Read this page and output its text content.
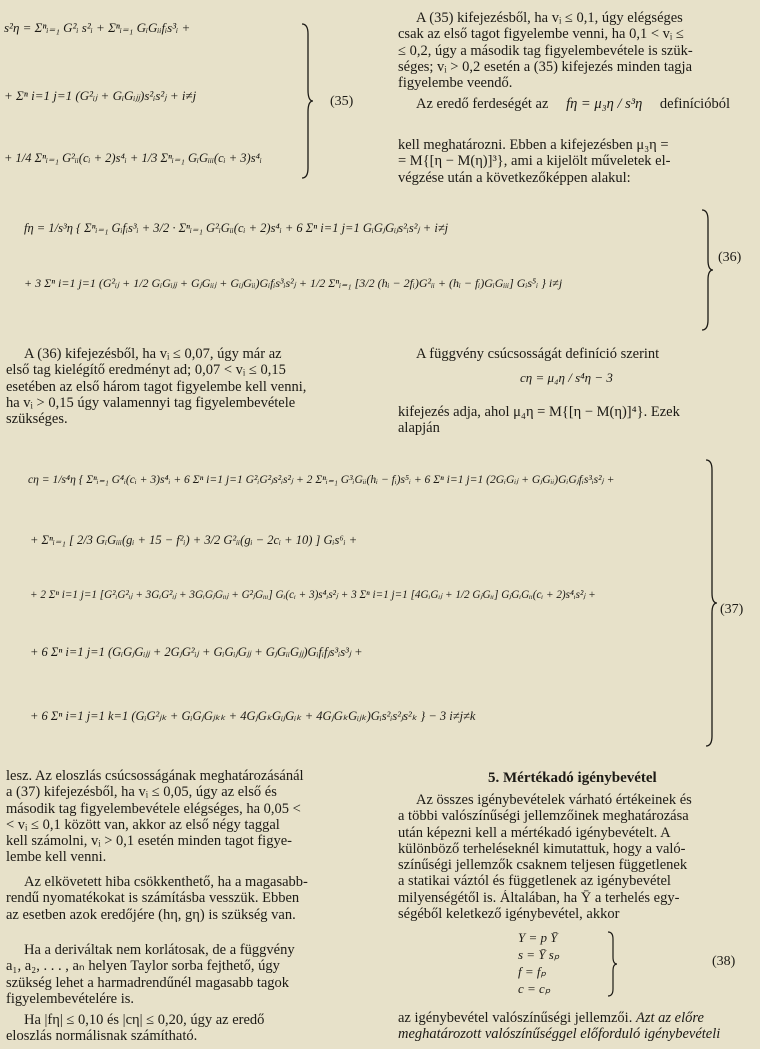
s²η = Σⁿᵢ₌₁ G²ᵢ s²ᵢ + Σⁿᵢ₌₁ GᵢGᵢᵢfᵢs³ᵢ +
+ Σⁿ i=1 j=1 (G²ᵢⱼ + GᵢGᵢⱼⱼ)s²ᵢs²ⱼ + i≠j
+ 1/4 Σⁿᵢ₌₁ G²ᵢᵢ(cᵢ + 2)s⁴ᵢ + 1/3 Σⁿᵢ₌₁ GᵢGᵢᵢᵢ(cᵢ + 3)s⁴ᵢ
(35)
A (35) kifejezésből, ha vᵢ ≤ 0,1, úgy elégséges
csak az első tagot figyelembe venni, ha 0,1 < vᵢ ≤
≤ 0,2, úgy a második tag figyelembevétele is szük-
séges; vᵢ > 0,2 esetén a (35) kifejezés minden tagja
figyelembe veendő.
Az eredő ferdeségét az fη = μ₃η / s³η definícióból
kell meghatározni. Ebben a kifejezésben μ₃η =
= M{[η − M(η)]³}, ami a kijelölt műveletek el-
végzése után a következőképpen alakul:
fη = 1/s³η { Σⁿᵢ₌₁ Gᵢfᵢs³ᵢ + 3/2 · Σⁿᵢ₌₁ G²ᵢGᵢᵢ(cᵢ + 2)s⁴ᵢ + 6 Σⁿ i=1 j=1 GᵢGⱼGᵢⱼs²ᵢs²ⱼ + i≠j
+ 3 Σⁿ i=1 j=1 (G²ᵢⱼ + 1/2 GᵢGᵢⱼⱼ + GⱼGᵢᵢⱼ + GᵢⱼGᵢᵢ)Gᵢfᵢs³ᵢs²ⱼ + 1/2 Σⁿᵢ₌₁ [3/2 (hᵢ − 2fᵢ)G²ᵢᵢ + (hᵢ − fᵢ)GᵢGᵢᵢᵢ] Gᵢs⁵ᵢ } i≠j
(36)
A (36) kifejezésből, ha vᵢ ≤ 0,07, úgy már az
első tag kielégítő eredményt ad; 0,07 < vᵢ ≤ 0,15
esetében az első három tagot figyelembe kell venni,
ha vᵢ > 0,15 úgy valamennyi tag figyelembevétele
szükséges.
A függvény csúcsosságát definíció szerint
cη = μ₄η / s⁴η − 3
kifejezés adja, ahol μ₄η = M{[η − M(η)]⁴}. Ezek
alapján
cη = 1/s⁴η { Σⁿᵢ₌₁ G⁴ᵢ(cᵢ + 3)s⁴ᵢ + 6 Σⁿ i=1 j=1 G²ᵢG²ⱼs²ᵢs²ⱼ + 2 Σⁿᵢ₌₁ G³ᵢGᵢᵢ(hᵢ − fᵢ)s⁵ᵢ + 6 Σⁿ i=1 j=1 (2GᵢGᵢⱼ + GⱼGᵢᵢ)GᵢGⱼfᵢs³ᵢs²ⱼ +
+ Σⁿᵢ₌₁ [ 2/3 GᵢGᵢᵢᵢ(gᵢ + 15 − f²ᵢ) + 3/2 G²ᵢᵢ(gᵢ − 2cᵢ + 10) ] Gᵢs⁶ᵢ +
+ 2 Σⁿ i=1 j=1 [G²ᵢG²ᵢⱼ + 3GᵢG²ᵢⱼ + 3GᵢGⱼGᵢᵢⱼ + G²ⱼGᵢᵢᵢ] Gᵢ(cᵢ + 3)s⁴ᵢs²ⱼ + 3 Σⁿ i=1 j=1 [4GᵢGᵢⱼ + 1/2 GⱼGᵢᵢ] GⱼGᵢGᵢᵢ(cᵢ + 2)s⁴ᵢs²ⱼ +
+ 6 Σⁿ i=1 j=1 (GᵢGⱼGᵢⱼⱼ + 2GⱼG²ᵢⱼ + GᵢGᵢⱼGⱼⱼ + GⱼGᵢᵢGⱼⱼ)Gᵢfᵢfⱼs³ᵢs³ⱼ +
+ 6 Σⁿ i=1 j=1 k=1 (GᵢG²ⱼₖ + GᵢGⱼGⱼₖₖ + 4GⱼGₖGᵢⱼGᵢₖ + 4GⱼGₖGᵢⱼₖ)Gᵢs²ᵢs²ⱼs²ₖ } − 3 i≠j≠k
(37)
lesz. Az eloszlás csúcsosságának meghatározásánál
a (37) kifejezésből, ha vᵢ ≤ 0,05, úgy az első és
második tag figyelembevétele elégséges, ha 0,05 <
< vᵢ ≤ 0,1 között van, akkor az első négy taggal
kell számolni, vᵢ > 0,1 esetén minden tagot figye-
lembe kell venni.
Az elkövetett hiba csökkenthető, ha a magasabb-
rendű nyomatékokat is számításba vesszük. Ebben
az esetben azok eredőjére (hη, gη) is szükség van.
Ha a deriváltak nem korlátosak, de a függvény
a₁, a₂, . . . , aₙ helyen Taylor sorba fejthető, úgy
szükség lehet a harmadrendűnél magasabb tagok
figyelembevételére is.
Ha |fη| ≤ 0,10 és |cη| ≤ 0,20, úgy az eredő
eloszlás normálisnak számítható.
5. Mértékadó igénybevétel
Az összes igénybevételek várható értékeinek és
a többi valószínűségi jellemzőinek meghatározása
után képezni kell a mértékadó igénybevételt. A
különböző terheléseknél kimutattuk, hogy a való-
színűségi jellemzők csaknem teljesen függetlenek
a statikai váztól és függetlenek az igénybevétel
milyenségétől is. Általában, ha Ȳ a terhelés egy-
ségéből keletkező igénybevétel, akkor
Y = p Ȳ
s = Ȳ sₚ
f = fₚ
c = cₚ
(38)
az igénybevétel valószínűségi jellemzői. Azt az előre
meghatározott valószínűséggel előforduló igénybevételi
